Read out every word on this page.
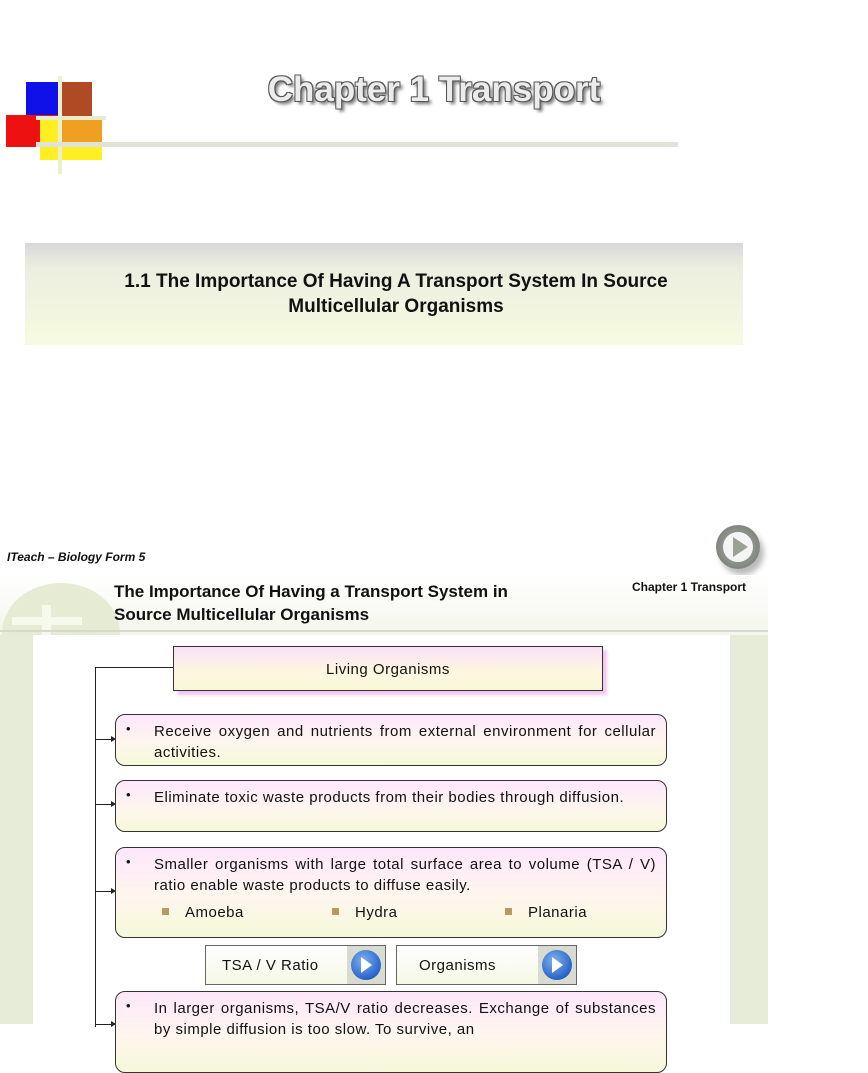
Chapter 1 Transport
1.1 The Importance Of Having A Transport System In Source
Multicellular Organisms
ITeach – Biology Form 5
The Importance Of Having a Transport System in
Source Multicellular Organisms
Chapter 1 Transport
Living Organisms
• Receive oxygen and nutrients from external environment for cellular activities.
• Eliminate toxic waste products from their bodies through diffusion.
• Smaller organisms with large total surface area to volume (TSA / V) ratio enable waste products to diffuse easily.
Amoeba	Hydra	Planaria
TSA / V Ratio	Organisms
• In larger organisms, TSA/V ratio decreases. Exchange of substances by simple diffusion is too slow. To survive, an
